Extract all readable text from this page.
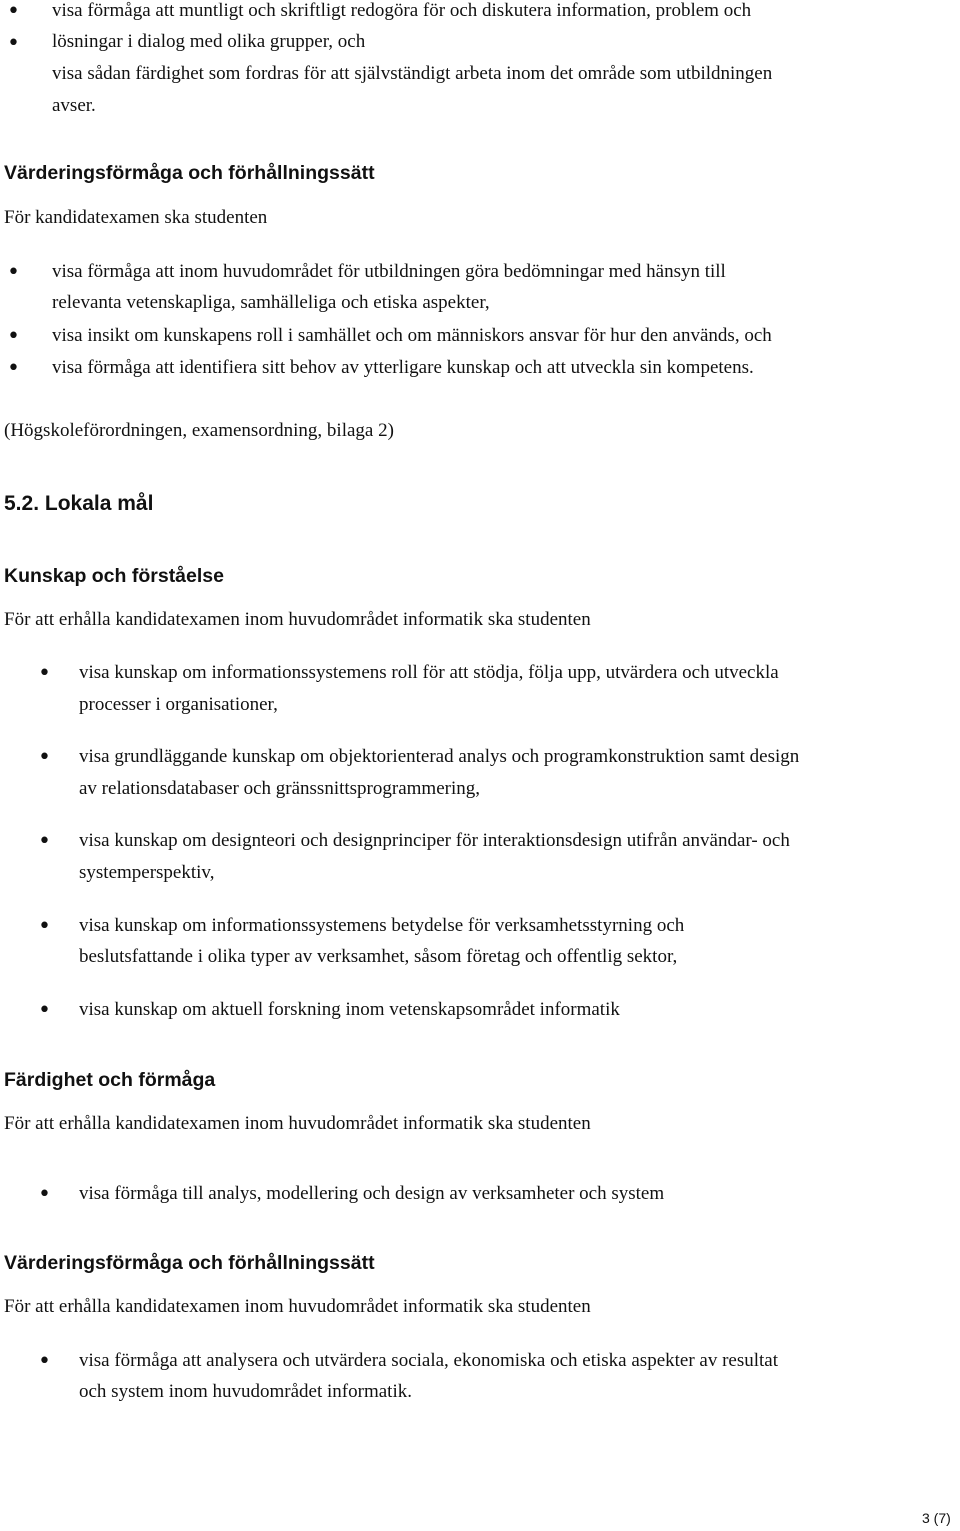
• visa förmåga att muntligt och skriftligt redogöra för och diskutera information, problem och
lösningar i dialog med olika grupper, och
•
visa sådan färdighet som fordras för att självständigt arbeta inom det område som utbildningen
avser.
Värderingsförmåga och förhållningssätt
För kandidatexamen ska studenten
• visa förmåga att inom huvudområdet för utbildningen göra bedömningar med hänsyn till
relevanta vetenskapliga, samhälleliga och etiska aspekter,
• visa insikt om kunskapens roll i samhället och om människors ansvar för hur den används, och
• visa förmåga att identifiera sitt behov av ytterligare kunskap och att utveckla sin kompetens.
(Högskoleförordningen, examensordning, bilaga 2)
5.2. Lokala mål
Kunskap och förståelse
För att erhålla kandidatexamen inom huvudområdet informatik ska studenten
• visa kunskap om informationssystemens roll för att stödja, följa upp, utvärdera och utveckla
processer i organisationer,
• visa grundläggande kunskap om objektorienterad analys och programkonstruktion samt design
av relationsdatabaser och gränssnittsprogrammering,
• visa kunskap om designteori och designprinciper för interaktionsdesign utifrån användar- och
systemperspektiv,
• visa kunskap om informationssystemens betydelse för verksamhetsstyrning och
beslutsfattande i olika typer av verksamhet, såsom företag och offentlig sektor,
• visa kunskap om aktuell forskning inom vetenskapsområdet informatik
Färdighet och förmåga
För att erhålla kandidatexamen inom huvudområdet informatik ska studenten
• visa förmåga till analys, modellering och design av verksamheter och system
Värderingsförmåga och förhållningssätt
För att erhålla kandidatexamen inom huvudområdet informatik ska studenten
• visa förmåga att analysera och utvärdera sociala, ekonomiska och etiska aspekter av resultat
och system inom huvudområdet informatik.
3 (7)
